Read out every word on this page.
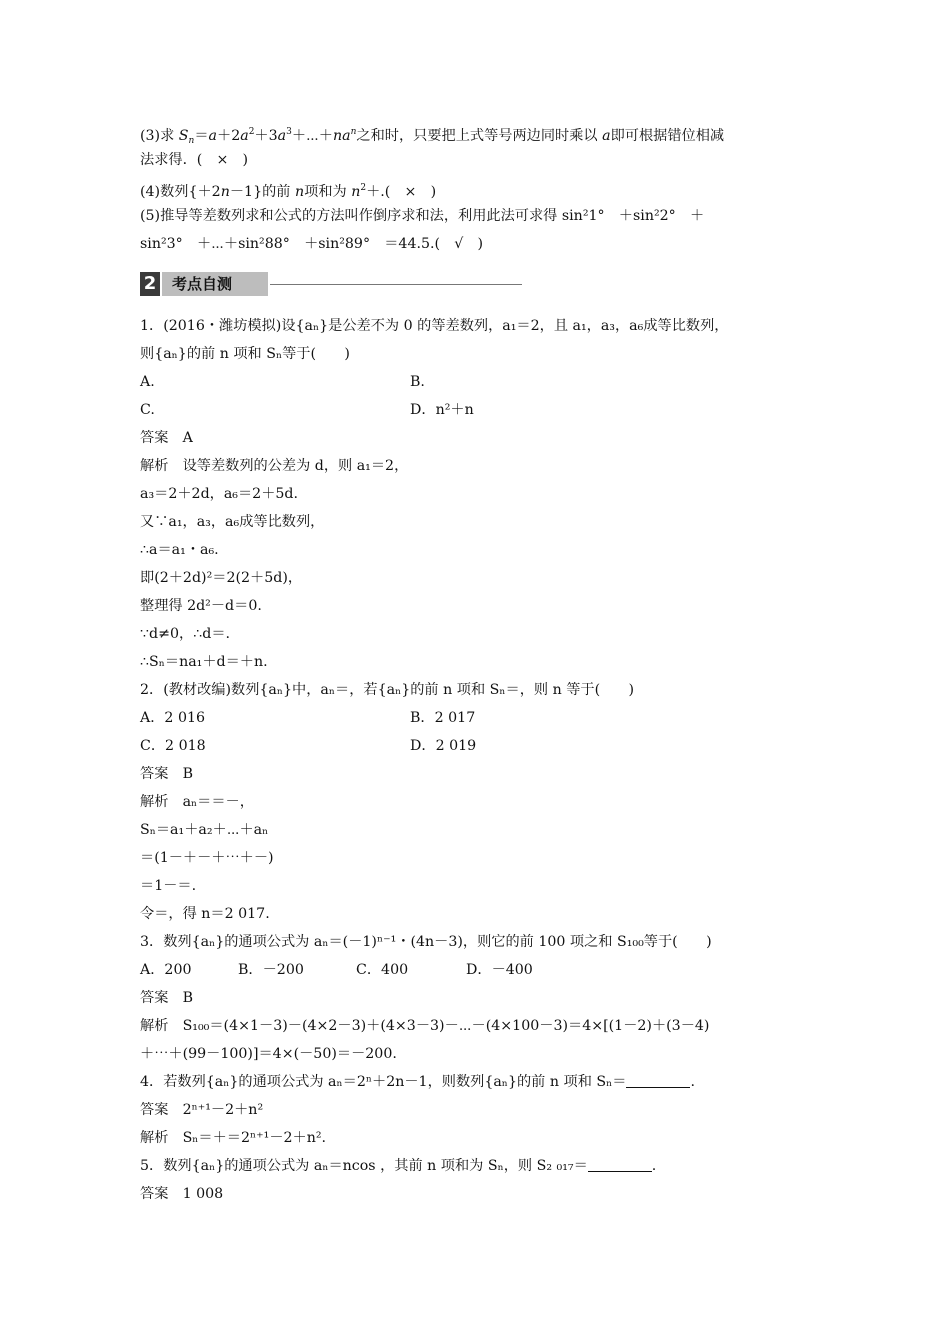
(3)求 $S_n=a+2a^2+3a^3+\cdots+na^n$之和时，只要把上式等号两边同时乘以 a即可根据错位相减
法求得．(　×　)
(4)数列{＋2n－1}的前 n项和为 $n^2+$.(　×　)
(5)推导等差数列求和公式的方法叫作倒序求和法，利用此法可求得 sin²1°　＋sin²2°　＋
sin²3°　＋⋯＋sin²88°　＋sin²89°　＝44.5.(　√　)
2 考点自测
1．(2016・潍坊模拟)设{aₙ}是公差不为 0 的等差数列，a₁＝2，且 a₁，a₃，a₆成等比数列，
则{aₙ}的前 n 项和 Sₙ等于(　　)
A.	B.
C.	D．n²＋n
答案　A
解析　设等差数列的公差为 d，则 a₁＝2，
a₃＝2＋2d，a₆＝2＋5d.
又∵a₁，a₃，a₆成等比数列，
∴a＝a₁・a₆.
即(2＋2d)²＝2(2＋5d)，
整理得 2d²－d＝0.
∵d≠0，∴d＝.
∴Sₙ＝na₁＋d＝＋n.
2．(教材改编)数列{aₙ}中，aₙ＝，若{aₙ}的前 n 项和 Sₙ＝，则 n 等于(　　)
A．2 016	B．2 017
C．2 018	D．2 019
答案　B
解析　aₙ＝＝－，
Sₙ＝a₁＋a₂＋⋯＋aₙ
＝(1－＋－＋⋯＋－)
＝1－＝.
令＝，得 n＝2 017.
3．数列{aₙ}的通项公式为 aₙ＝(－1)ⁿ⁻¹・(4n－3)，则它的前 100 项之和 S₁₀₀等于(　　)
A．200	B．－200	C．400	D．－400
答案　B
解析　S₁₀₀＝(4×1－3)－(4×2－3)＋(4×3－3)－⋯－(4×100－3)＝4×[(1－2)＋(3－4)
＋⋯＋(99－100)]＝4×(－50)＝－200.
4．若数列{aₙ}的通项公式为 aₙ＝2ⁿ＋2n－1，则数列{aₙ}的前 n 项和 Sₙ＝	.
答案　2ⁿ⁺¹－2＋n²
解析　Sₙ＝＋＝2ⁿ⁺¹－2＋n².
5．数列{aₙ}的通项公式为 aₙ＝ncos ，其前 n 项和为 Sₙ，则 S₂ ₀₁₇＝	.
答案　1 008
